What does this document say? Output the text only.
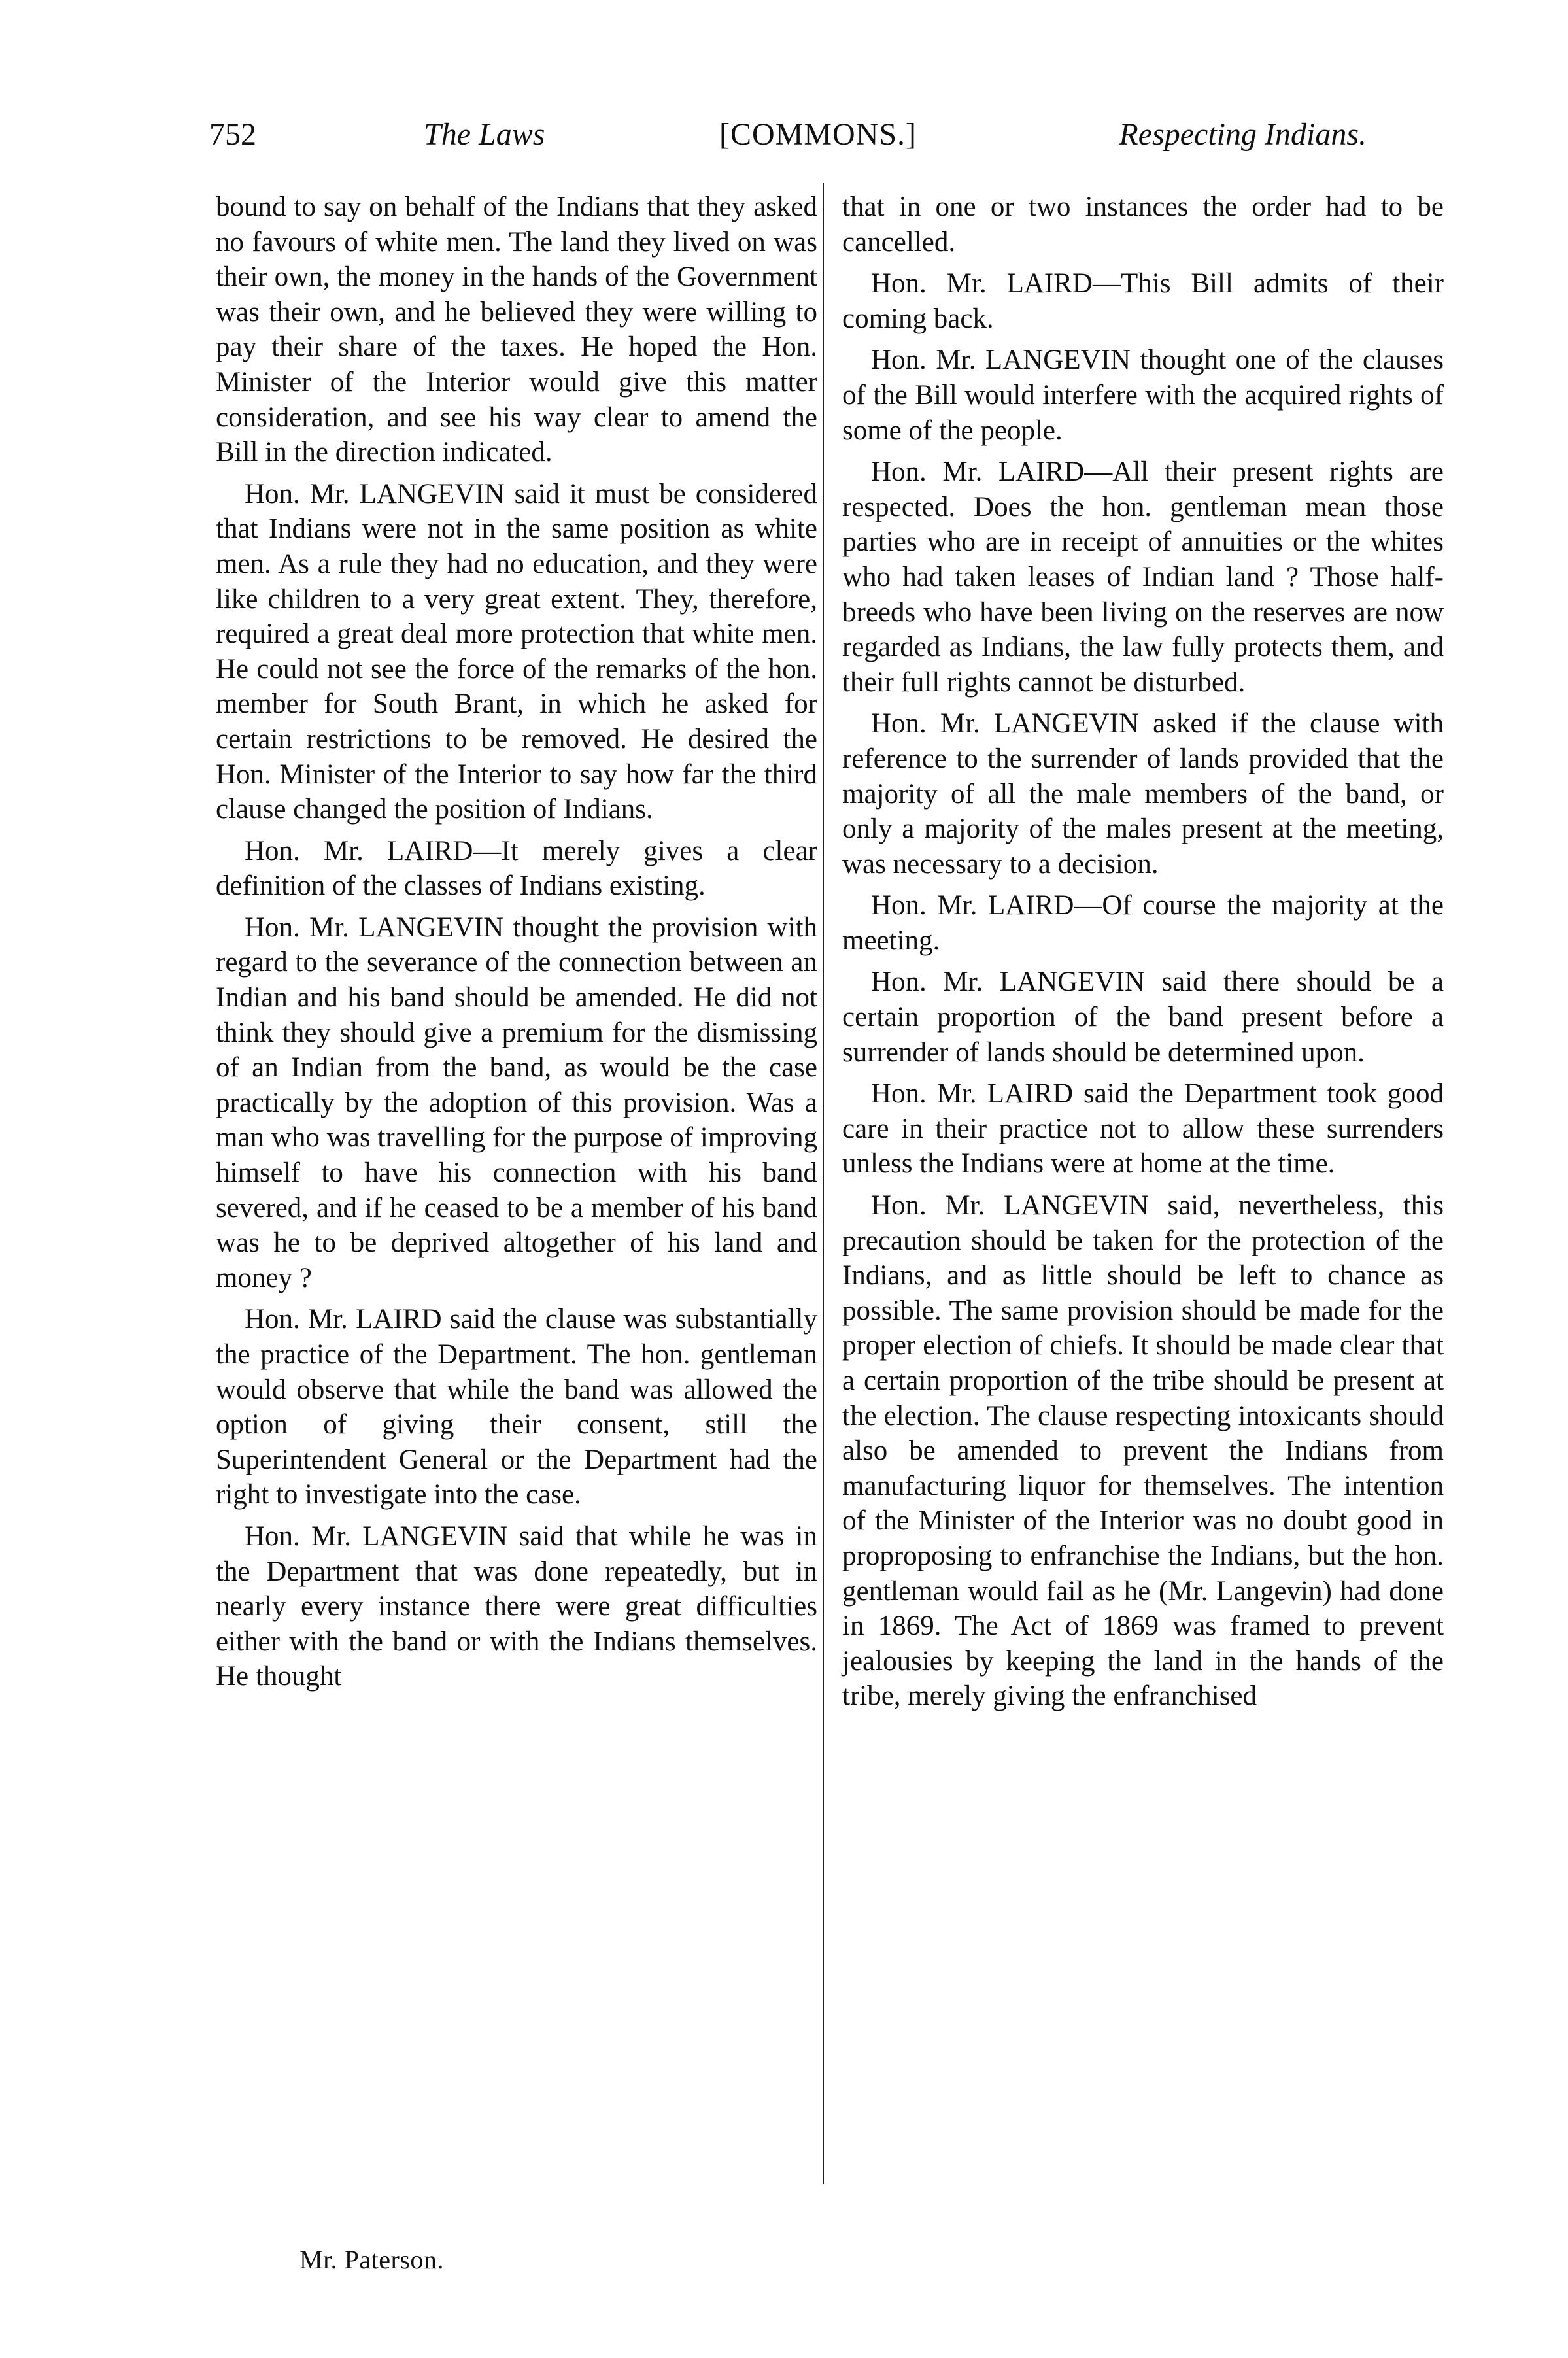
752	The Laws	[COMMONS.]	Respecting Indians.

bound to say on behalf of the Indians that they asked no favours of white men. The land they lived on was their own, the money in the hands of the Government was their own, and he believed they were willing to pay their share of the taxes. He hoped the Hon. Minister of the Interior would give this matter consideration, and see his way clear to amend the Bill in the direction indicated.

Hon. Mr. LANGEVIN said it must be considered that Indians were not in the same position as white men. As a rule they had no education, and they were like children to a very great extent. They, therefore, required a great deal more protection that white men. He could not see the force of the remarks of the hon. member for South Brant, in which he asked for certain restrictions to be removed. He desired the Hon. Minister of the Interior to say how far the third clause changed the position of Indians.

Hon. Mr. LAIRD—It merely gives a clear definition of the classes of Indians existing.

Hon. Mr. LANGEVIN thought the provision with regard to the severance of the connection between an Indian and his band should be amended. He did not think they should give a premium for the dismissing of an Indian from the band, as would be the case practically by the adoption of this provision. Was a man who was travelling for the purpose of improving himself to have his connection with his band severed, and if he ceased to be a member of his band was he to be deprived altogether of his land and money ?

Hon. Mr. LAIRD said the clause was substantially the practice of the Department. The hon. gentleman would observe that while the band was allowed the option of giving their consent, still the Superintendent General or the Department had the right to investigate into the case.

Hon. Mr. LANGEVIN said that while he was in the Department that was done repeatedly, but in nearly every instance there were great difficulties either with the band or with the Indians themselves. He thought

that in one or two instances the order had to be cancelled.

Hon. Mr. LAIRD—This Bill admits of their coming back.

Hon. Mr. LANGEVIN thought one of the clauses of the Bill would interfere with the acquired rights of some of the people.

Hon. Mr. LAIRD—All their present rights are respected. Does the hon. gentleman mean those parties who are in receipt of annuities or the whites who had taken leases of Indian land ? Those half-breeds who have been living on the reserves are now regarded as Indians, the law fully protects them, and their full rights cannot be disturbed.

Hon. Mr. LANGEVIN asked if the clause with reference to the surrender of lands provided that the majority of all the male members of the band, or only a majority of the males present at the meeting, was necessary to a decision.

Hon. Mr. LAIRD—Of course the majority at the meeting.

Hon. Mr. LANGEVIN said there should be a certain proportion of the band present before a surrender of lands should be determined upon.

Hon. Mr. LAIRD said the Department took good care in their practice not to allow these surrenders unless the Indians were at home at the time.

Hon. Mr. LANGEVIN said, nevertheless, this precaution should be taken for the protection of the Indians, and as little should be left to chance as possible. The same provision should be made for the proper election of chiefs. It should be made clear that a certain proportion of the tribe should be present at the election. The clause respecting intoxicants should also be amended to prevent the Indians from manufacturing liquor for themselves. The intention of the Minister of the Interior was no doubt good in proproposing to enfranchise the Indians, but the hon. gentleman would fail as he (Mr. Langevin) had done in 1869. The Act of 1869 was framed to prevent jealousies by keeping the land in the hands of the tribe, merely giving the enfranchised

Mr. Paterson.
